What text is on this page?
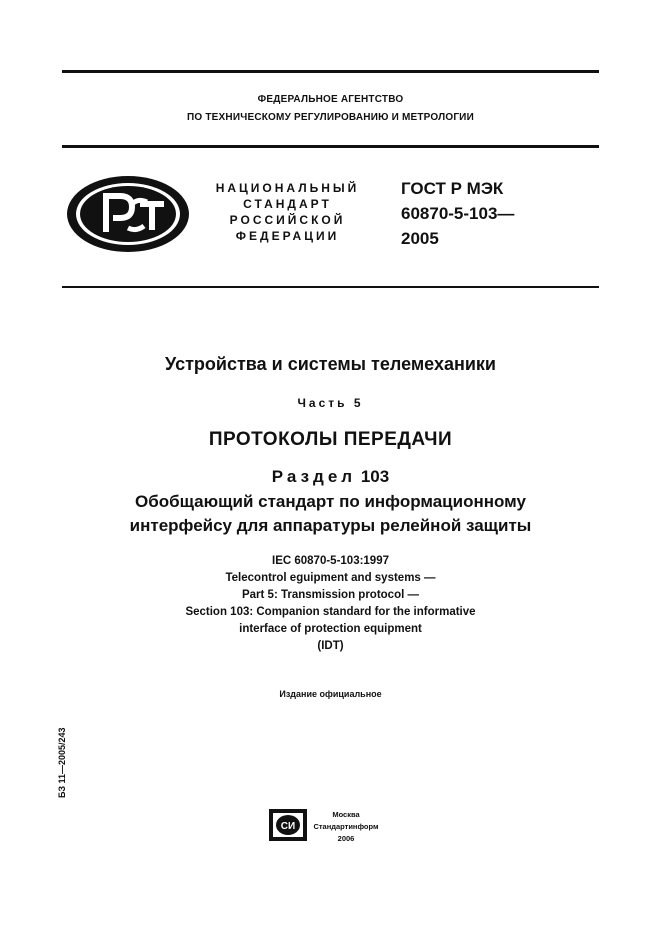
ФЕДЕРАЛЬНОЕ АГЕНТСТВО
ПО ТЕХНИЧЕСКОМУ РЕГУЛИРОВАНИЮ И МЕТРОЛОГИИ
НАЦИОНАЛЬНЫЙ
СТАНДАРТ
РОССИЙСКОЙ
ФЕДЕРАЦИИ
ГОСТ Р МЭК
60870-5-103—
2005
Устройства и системы телемеханики
Часть 5
ПРОТОКОЛЫ ПЕРЕДАЧИ
Раздел 103
Обобщающий стандарт по информационному
интерфейсу для аппаратуры релейной защиты
IEC 60870-5-103:1997
Telecontrol eguipment and systems —
Part 5: Transmission protocol —
Section 103: Companion standard for the informative
interface of protection equipment
(IDT)
Издание официальное
БЗ 11—2005/243
СИ
Москва
Стандартинформ
2006
